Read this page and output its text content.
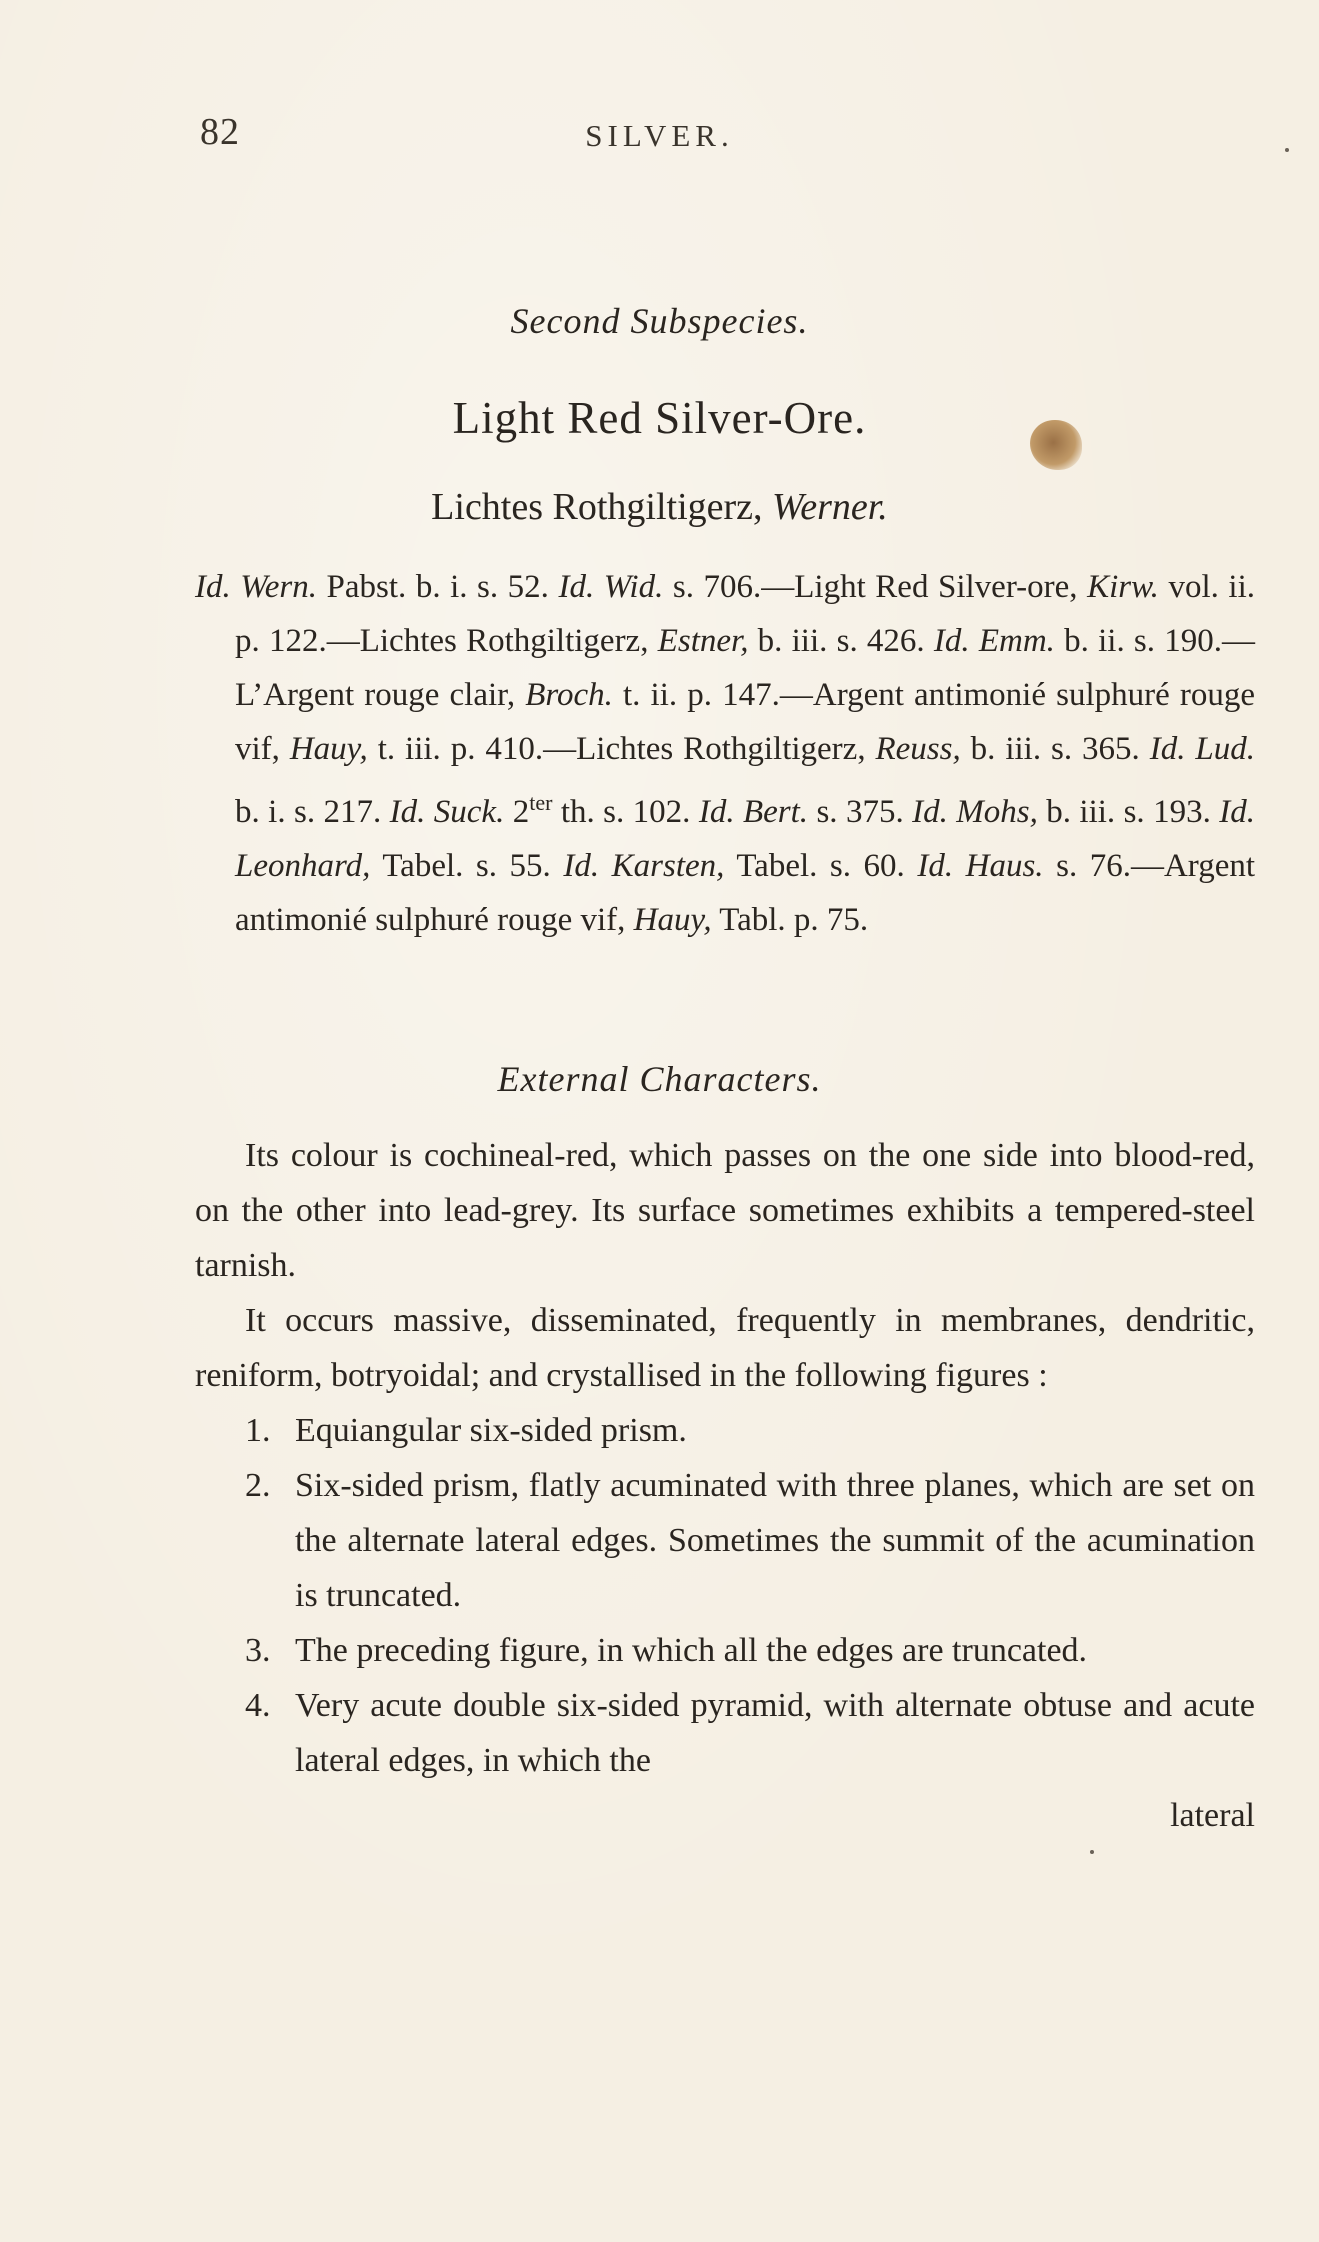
82	SILVER.
Second Subspecies.
Light Red Silver-Ore.
Lichtes Rothgiltigerz, Werner.
Id. Wern. Pabst. b. i. s. 52. Id. Wid. s. 706.—Light Red Silver-ore, Kirw. vol. ii. p. 122.—Lichtes Rothgiltigerz, Estner, b. iii. s. 426. Id. Emm. b. ii. s. 190.—L’Argent rouge clair, Broch. t. ii. p. 147.—Argent antimonié sulphuré rouge vif, Hauy, t. iii. p. 410.—Lichtes Rothgiltigerz, Reuss, b. iii. s. 365. Id. Lud. b. i. s. 217. Id. Suck. $2^{ter}$ th. s. 102. Id. Bert. s. 375. Id. Mohs, b. iii. s. 193. Id. Leonhard, Tabel. s. 55. Id. Karsten, Tabel. s. 60. Id. Haus. s. 76.—Argent antimonié sulphuré rouge vif, Hauy, Tabl. p. 75.
External Characters.

Its colour is cochineal-red, which passes on the one side into blood-red, on the other into lead-grey. Its surface sometimes exhibits a tempered-steel tarnish.

It occurs massive, disseminated, frequently in membranes, dendritic, reniform, botryoidal; and crystallised in the following figures :

1. Equiangular six-sided prism.
2. Six-sided prism, flatly acuminated with three planes, which are set on the alternate lateral edges. Sometimes the summit of the acumination is truncated.
3. The preceding figure, in which all the edges are truncated.
4. Very acute double six-sided pyramid, with alternate obtuse and acute lateral edges, in which the
lateral
